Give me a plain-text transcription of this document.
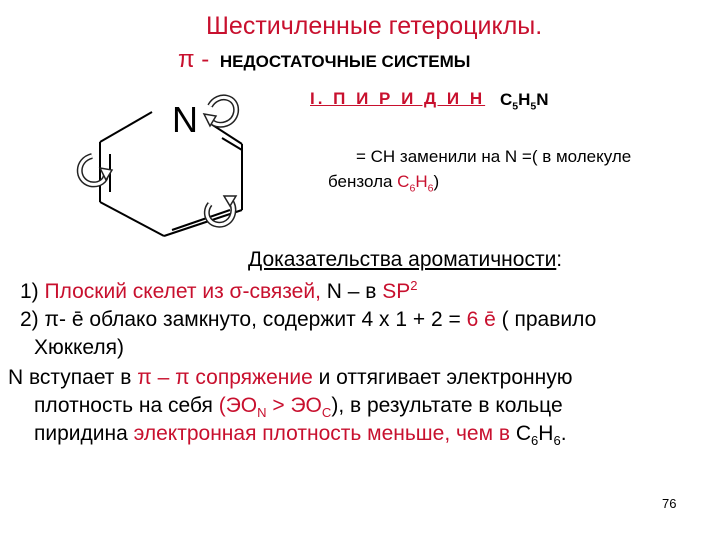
Шестичленные гетероциклы.
π - НЕДОСТАТОЧНЫЕ СИСТЕМЫ
I. П И Р И Д И Н $C_5H_5N$
= CH заменили на N =( в молекуле
бензола $C_6H_6$)
N
Доказательства ароматичности:
1) Плоский скелет из σ-связей, N – в $SP^2$
2) π- ē облако замкнуто, содержит 4 х 1 + 2 = 6 ē ( правило
Хюккеля)
N вступает в π – π сопряжение и оттягивает электронную
плотность на себя $(ЭО_N > ЭО_C)$, в результате в кольце
пиридина электронная плотность меньше, чем в $C_6H_6$.
76
